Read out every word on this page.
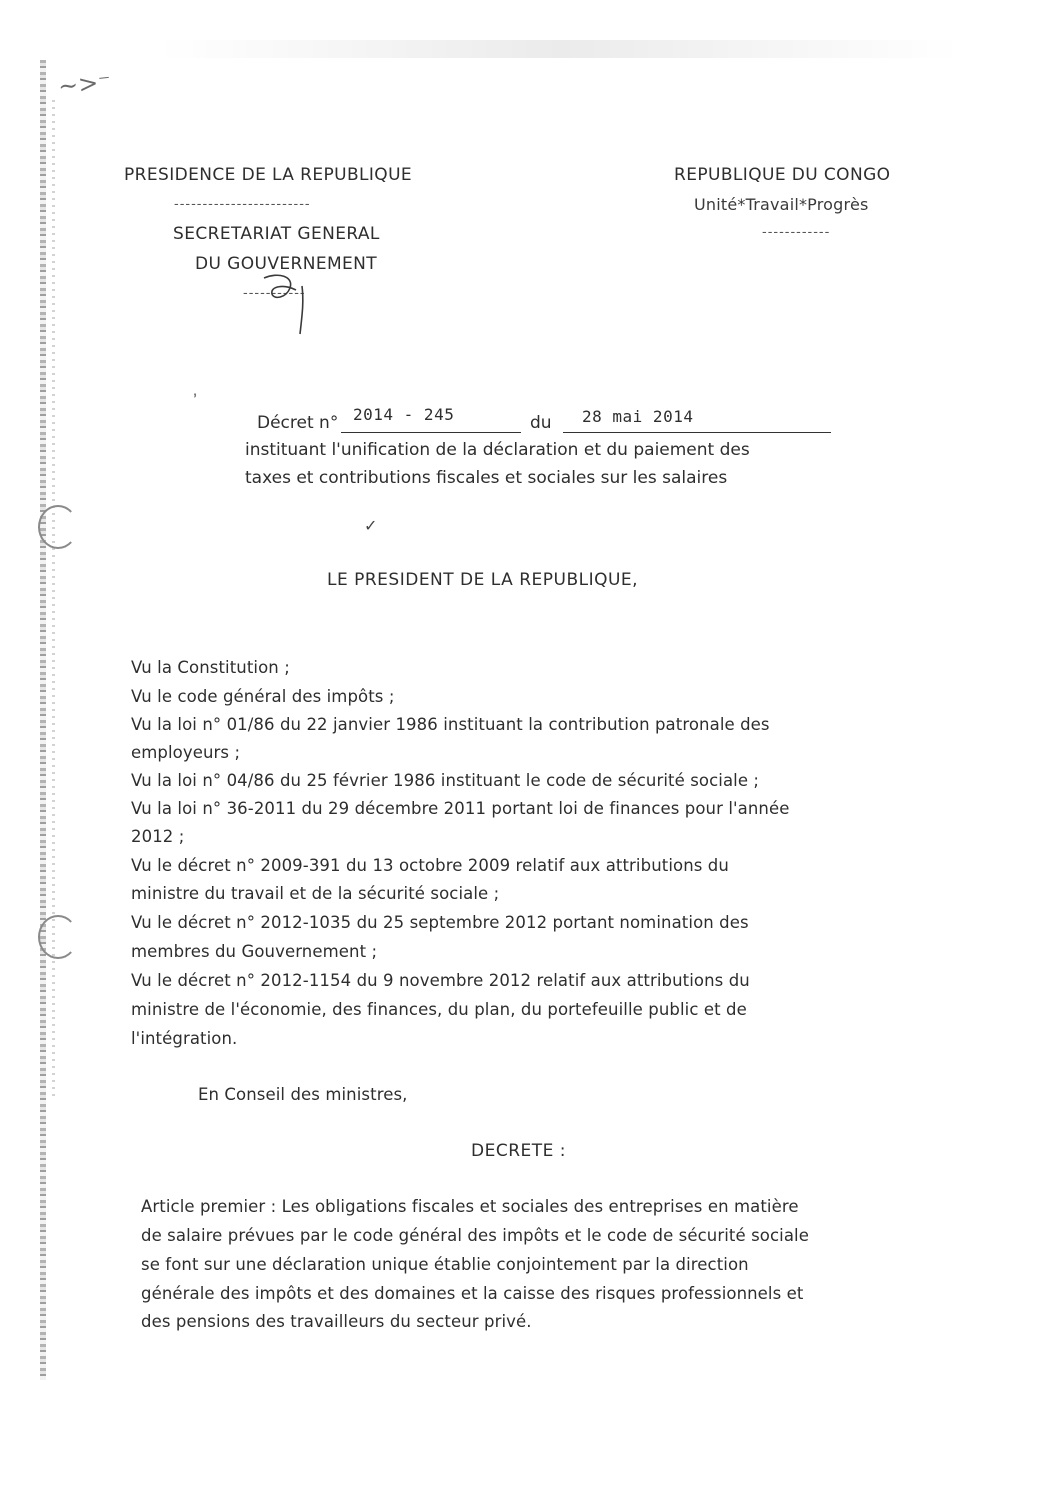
~>⁻
PRESIDENCE DE LA REPUBLIQUE
------------------------
SECRETARIAT GENERAL
DU GOUVERNEMENT
-----------
REPUBLIQUE DU CONGO
Unité*Travail*Progrès
------------
Décret n° 2014 - 245	du 28 mai 2014
instituant l'unification de la déclaration et du paiement des
taxes et contributions fiscales et sociales sur les salaires
✓
LE PRESIDENT DE LA REPUBLIQUE,
Vu la Constitution ;
Vu le code général des impôts ;
Vu la loi n° 01/86 du 22 janvier 1986 instituant la contribution patronale des
employeurs ;
Vu la loi n° 04/86 du 25 février 1986 instituant le code de sécurité sociale ;
Vu la loi n° 36-2011 du 29 décembre 2011 portant loi de finances pour l'année
2012 ;
Vu le décret n° 2009-391 du 13 octobre 2009 relatif aux attributions du
ministre du travail et de la sécurité sociale ;
Vu le décret n° 2012-1035 du 25 septembre 2012 portant nomination des
membres du Gouvernement ;
Vu le décret n° 2012-1154 du 9 novembre 2012 relatif aux attributions du
ministre de l'économie, des finances, du plan, du portefeuille public et de
l'intégration.
En Conseil des ministres,
DECRETE :
Article premier : Les obligations fiscales et sociales des entreprises en matière
de salaire prévues par le code général des impôts et le code de sécurité sociale
se font sur une déclaration unique établie conjointement par la direction
générale des impôts et des domaines et la caisse des risques professionnels et
des pensions des travailleurs du secteur privé.
